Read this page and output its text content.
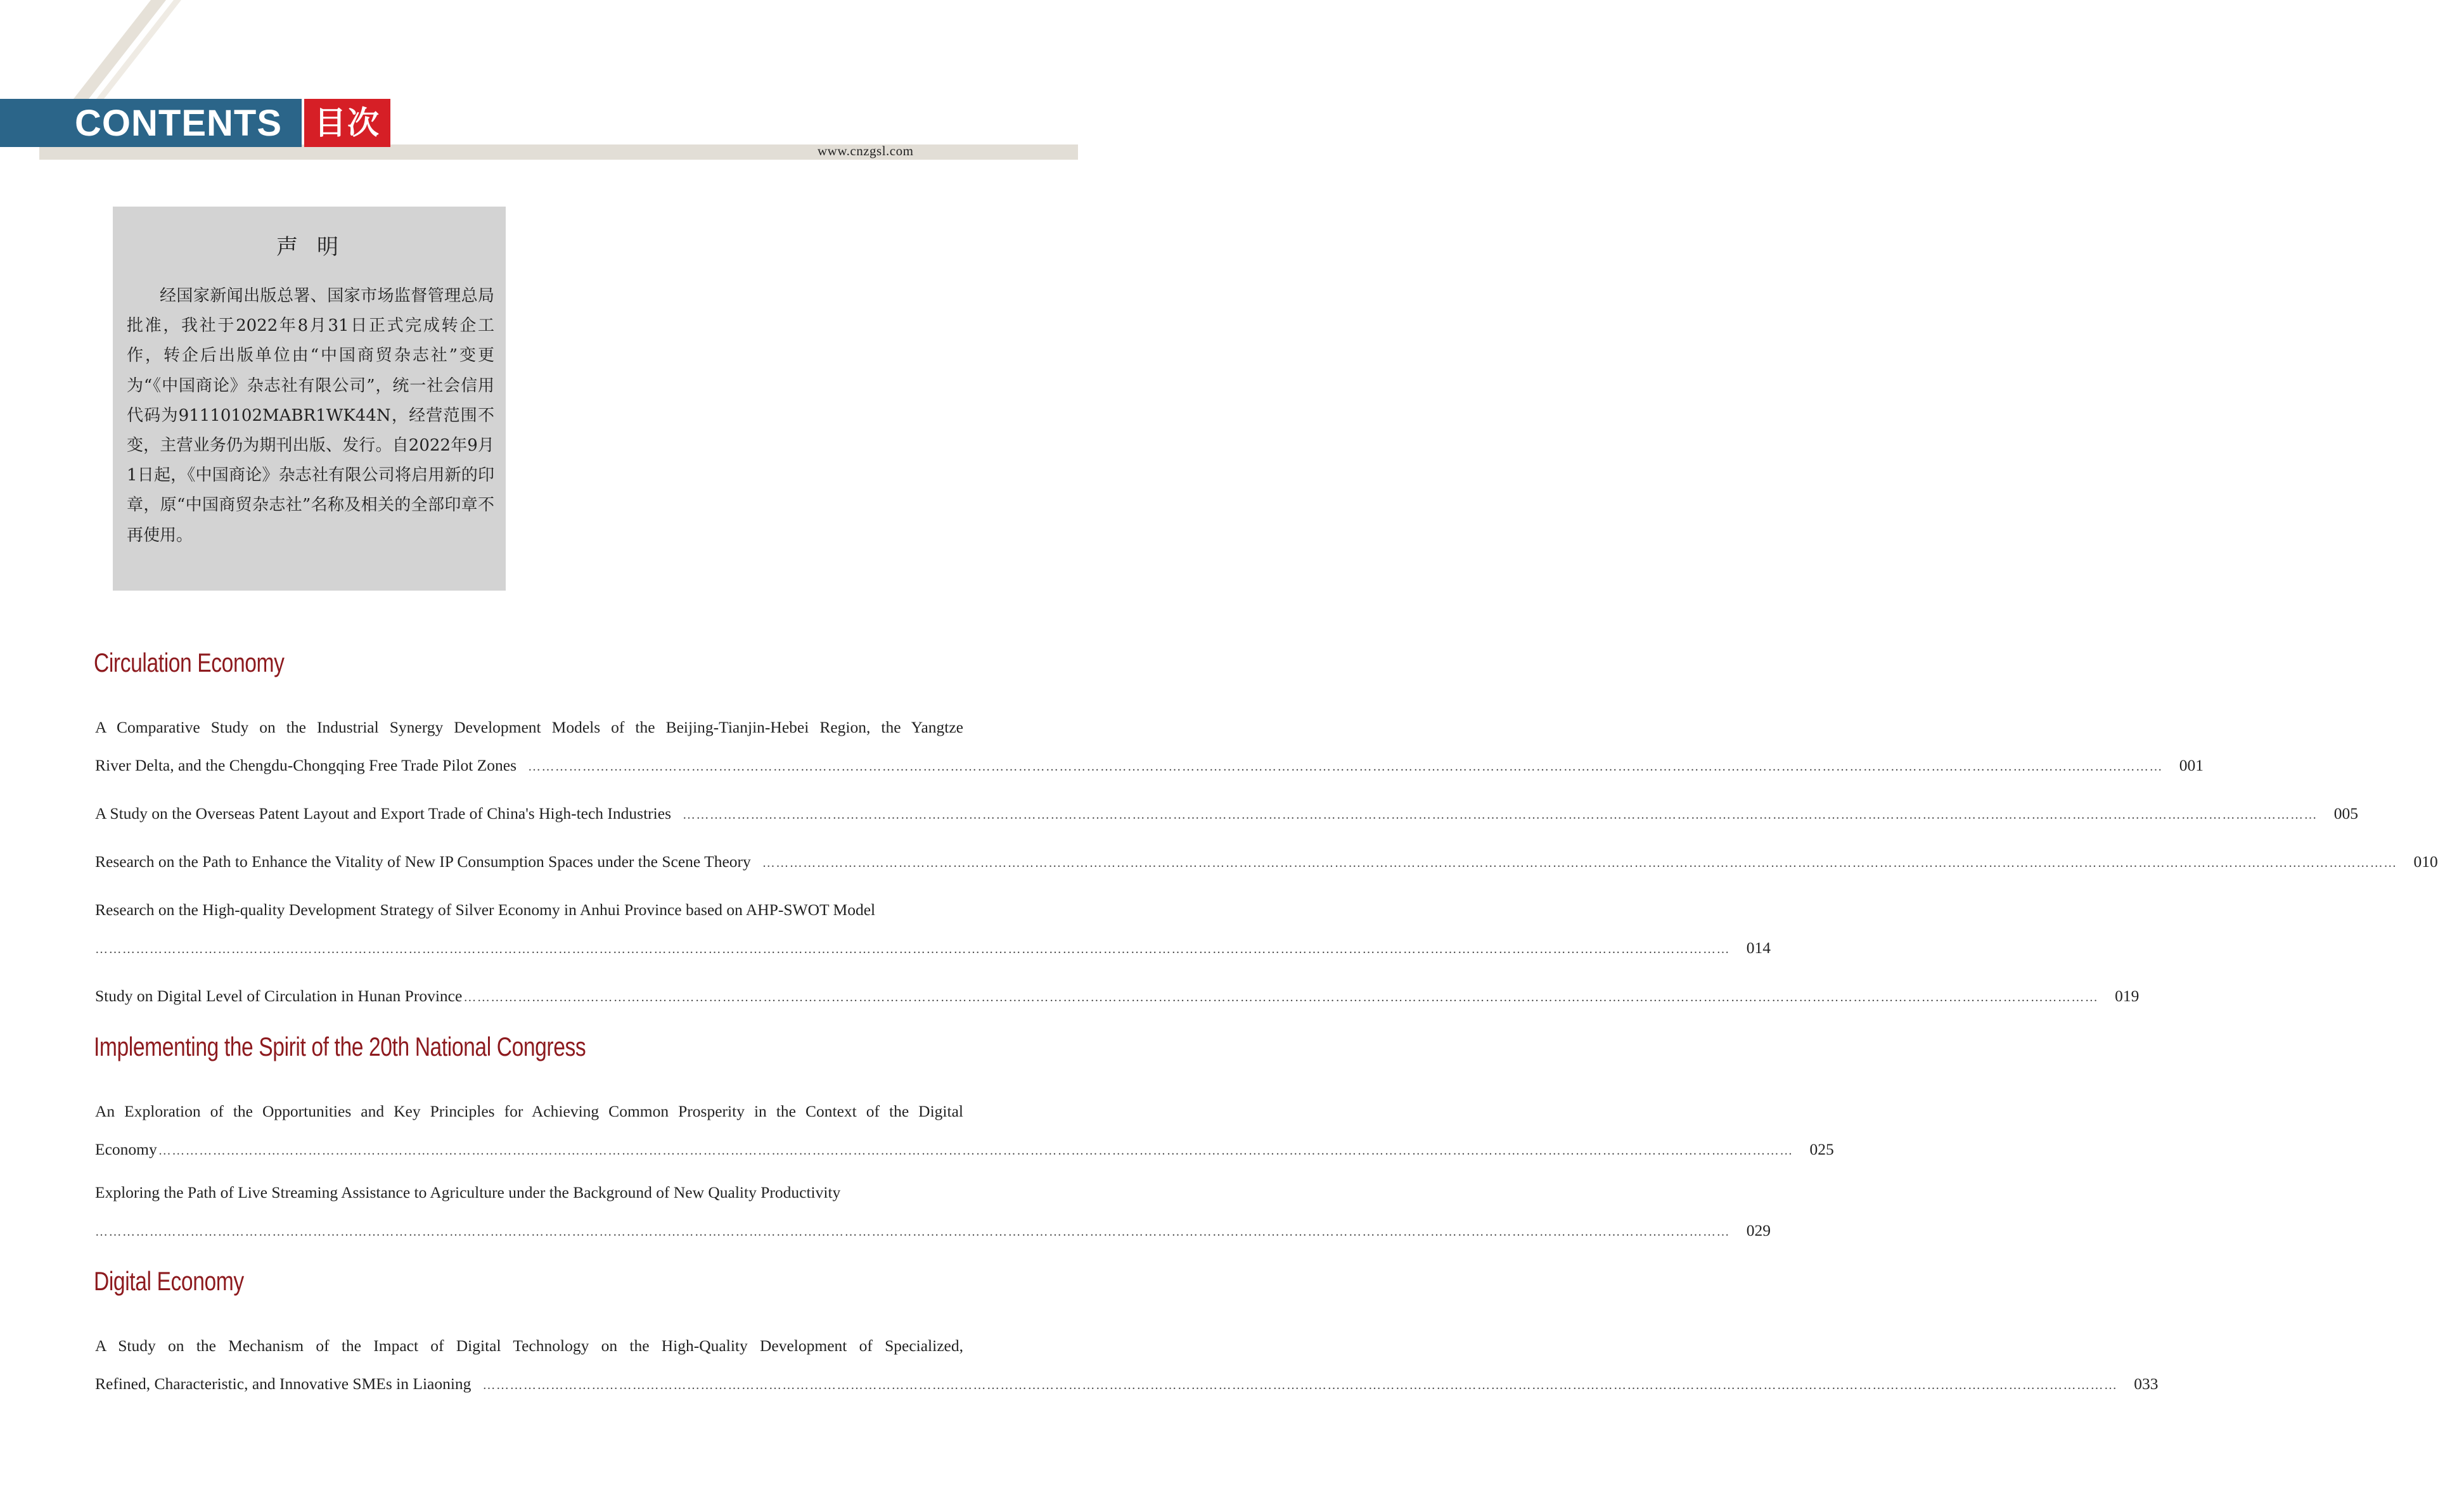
CONTENTS	目次
www.cnzgsl.com
声明

经国家新闻出版总署、国家市场监督管理总局批准，我社于2022年8月31日正式完成转企工作，转企后出版单位由“中国商贸杂志社”变更为“《中国商论》杂志社有限公司”，统一社会信用代码为91110102MABR1WK44N，经营范围不变，主营业务仍为期刊出版、发行。自2022年9月1日起，《中国商论》杂志社有限公司将启用新的印章，原“中国商贸杂志社”名称及相关的全部印章不再使用。

Circulation Economy
A Comparative Study on the Industrial Synergy Development Models of the Beijing-Tianjin-Hebei Region, the Yangtze
River Delta, and the Chengdu-Chongqing Free Trade Pilot Zones ……………………………………………………………………………………………………………………………………………………………………………………………………………………………………………………………………………………………………………………………… 001
A Study on the Overseas Patent Layout and Export Trade of China's High-tech Industries ……………………………………………………………………………………………………………………………………………………………………………………………………………………………………………………………………………………………………………………………… 005
Research on the Path to Enhance the Vitality of New IP Consumption Spaces under the Scene Theory ……………………………………………………………………………………………………………………………………………………………………………………………………………………………………………………………………………………………………………………………… 010
Research on the High-quality Development Strategy of Silver Economy in Anhui Province based on AHP-SWOT Model
……………………………………………………………………………………………………………………………………………………………………………………………………………………………………………………………………………………………………………………………… 014
Study on Digital Level of Circulation in Hunan Province ……………………………………………………………………………………………………………………………………………………………………………………………………………………………………………………………………………………………………………………………… 019
Implementing the Spirit of the 20th National Congress
An Exploration of the Opportunities and Key Principles for Achieving Common Prosperity in the Context of the Digital
Economy ……………………………………………………………………………………………………………………………………………………………………………………………………………………………………………………………………………………………………………………………… 025
Exploring the Path of Live Streaming Assistance to Agriculture under the Background of New Quality Productivity
……………………………………………………………………………………………………………………………………………………………………………………………………………………………………………………………………………………………………………………………… 029
Digital Economy
A Study on the Mechanism of the Impact of Digital Technology on the High-Quality Development of Specialized,
Refined, Characteristic, and Innovative SMEs in Liaoning ……………………………………………………………………………………………………………………………………………………………………………………………………………………………………………………………………………………………………………………………… 033
